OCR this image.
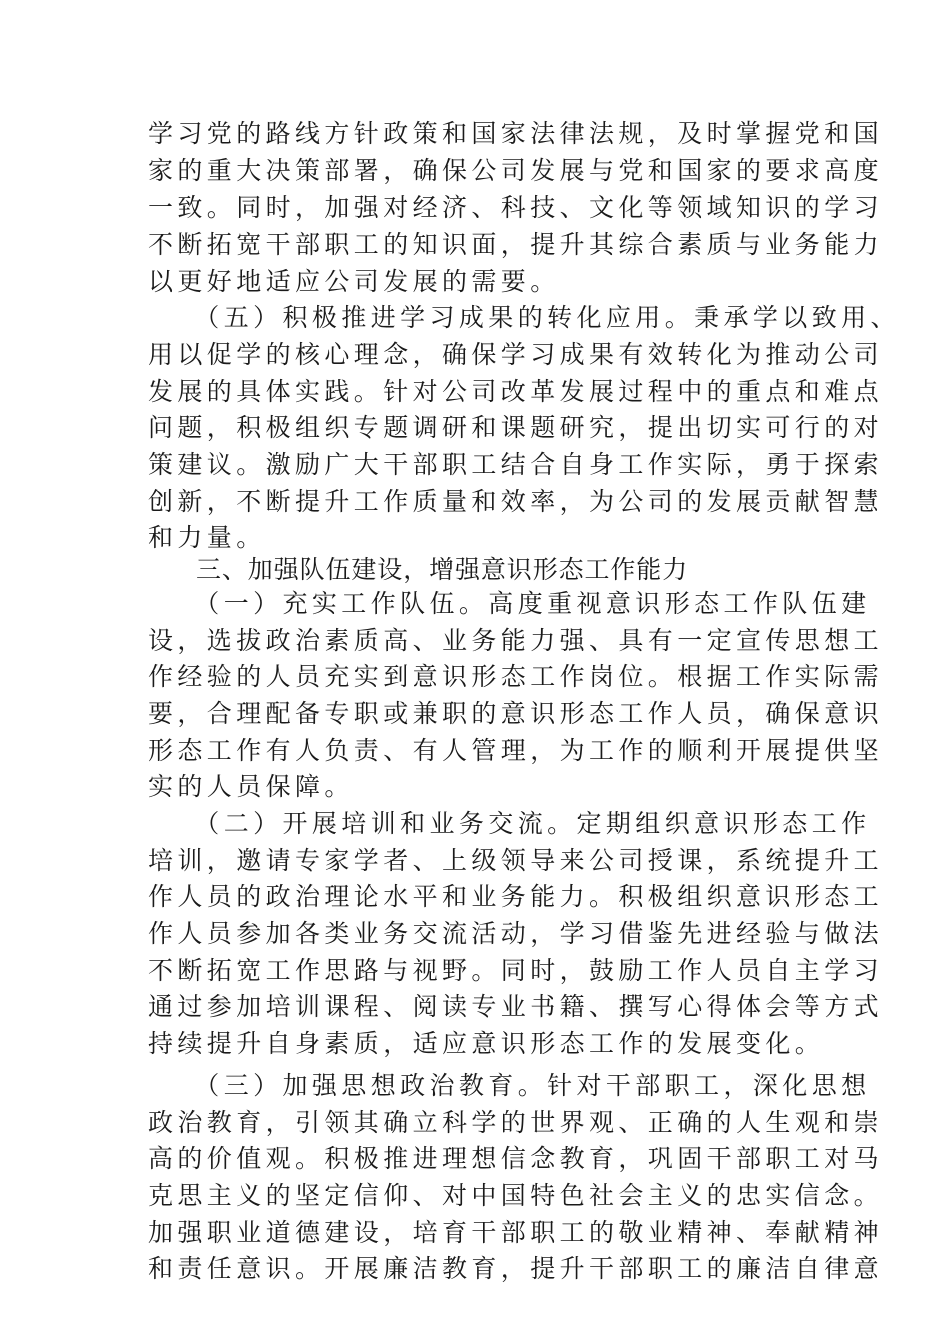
学习党的路线方针政策和国家法律法规，及时掌握党和国
家的重大决策部署，确保公司发展与党和国家的要求高度
一致。同时，加强对经济、科技、文化等领域知识的学习
不断拓宽干部职工的知识面，提升其综合素质与业务能力
以更好地适应公司发展的需要。
　　（五）积极推进学习成果的转化应用。秉承学以致用、
用以促学的核心理念，确保学习成果有效转化为推动公司
发展的具体实践。针对公司改革发展过程中的重点和难点
问题，积极组织专题调研和课题研究，提出切实可行的对
策建议。激励广大干部职工结合自身工作实际，勇于探索
创新，不断提升工作质量和效率，为公司的发展贡献智慧
和力量。
三、加强队伍建设，增强意识形态工作能力
　　（一）充实工作队伍。高度重视意识形态工作队伍建
设，选拔政治素质高、业务能力强、具有一定宣传思想工
作经验的人员充实到意识形态工作岗位。根据工作实际需
要，合理配备专职或兼职的意识形态工作人员，确保意识
形态工作有人负责、有人管理，为工作的顺利开展提供坚
实的人员保障。
　　（二）开展培训和业务交流。定期组织意识形态工作
培训，邀请专家学者、上级领导来公司授课，系统提升工
作人员的政治理论水平和业务能力。积极组织意识形态工
作人员参加各类业务交流活动，学习借鉴先进经验与做法
不断拓宽工作思路与视野。同时，鼓励工作人员自主学习
通过参加培训课程、阅读专业书籍、撰写心得体会等方式
持续提升自身素质，适应意识形态工作的发展变化。
　　（三）加强思想政治教育。针对干部职工，深化思想
政治教育，引领其确立科学的世界观、正确的人生观和崇
高的价值观。积极推进理想信念教育，巩固干部职工对马
克思主义的坚定信仰、对中国特色社会主义的忠实信念。
加强职业道德建设，培育干部职工的敬业精神、奉献精神
和责任意识。开展廉洁教育，提升干部职工的廉洁自律意
